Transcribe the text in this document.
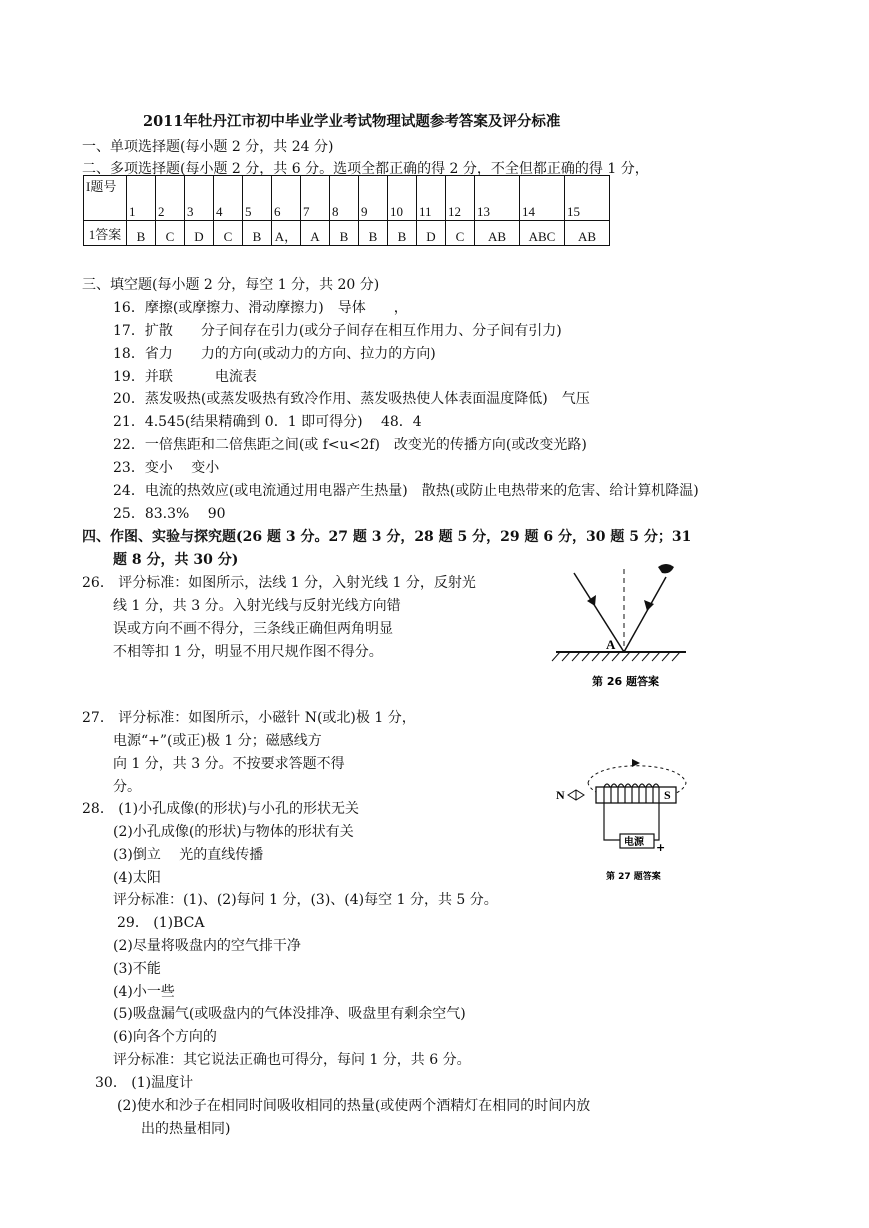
2011年牡丹江市初中毕业学业考试物理试题参考答案及评分标准
一、单项选择题(每小题 2 分，共 24 分)
二、多项选择题(每小题 2 分，共 6 分。选项全都正确的得 2 分，不全但都正确的得 1 分，
I题号	1	2	3	4	5	6	7	8	9	10	11	12	13	14	15
1答案	B	C	D	C	B	A，	A	B	B	B	D	C	AB	ABC	AB
三、填空题(每小题 2 分，每空 1 分，共 20 分)
16．摩擦(或摩擦力、滑动摩擦力)　导体　　，
17．扩散　　分子间存在引力(或分子间存在相互作用力、分子间有引力)
18．省力　　力的方向(或动力的方向、拉力的方向)
19．并联　　　电流表
20．蒸发吸热(或蒸发吸热有致冷作用、蒸发吸热使人体表面温度降低)　气压
21．4.545(结果精确到 0．1 即可得分)　 48．4
22．一倍焦距和二倍焦距之间(或 f<u<2f)　改变光的传播方向(或改变光路)
23．变小　 变小
24．电流的热效应(或电流通过用电器产生热量)　散热(或防止电热带来的危害、给计算机降温)
25．83.3%　 90
四、作图、实验与探究题(26 题 3 分。27 题 3 分，28 题 5 分，29 题 6 分，30 题 5 分；31
题 8 分，共 30 分)
26． 评分标准：如图所示，法线 1 分，入射光线 1 分，反射光
线 1 分，共 3 分。入射光线与反射光线方向错
误或方向不画不得分，三条线正确但两角明显
不相等扣 1 分，明显不用尺规作图不得分。	A
第 26 题答案
27． 评分标准：如图所示，小磁针 N(或北)极 1 分，
电源“+”(或正)极 1 分；磁感线方
向 1 分，共 3 分。不按要求答题不得
分。	N	S
电源 +
第 27 题答案
28． (1)小孔成像(的形状)与小孔的形状无关
(2)小孔成像(的形状)与物体的形状有关
(3)倒立　 光的直线传播
(4)太阳
评分标准：(1)、(2)每问 1 分，(3)、(4)每空 1 分，共 5 分。
29． (1)BCA
(2)尽量将吸盘内的空气排干净
(3)不能
(4)小一些
(5)吸盘漏气(或吸盘内的气体没排净、吸盘里有剩余空气)
(6)向各个方向的
评分标准：其它说法正确也可得分，每问 1 分，共 6 分。
30． (1)温度计
(2)使水和沙子在相同时间吸收相同的热量(或使两个酒精灯在相同的时间内放
出的热量相同)
